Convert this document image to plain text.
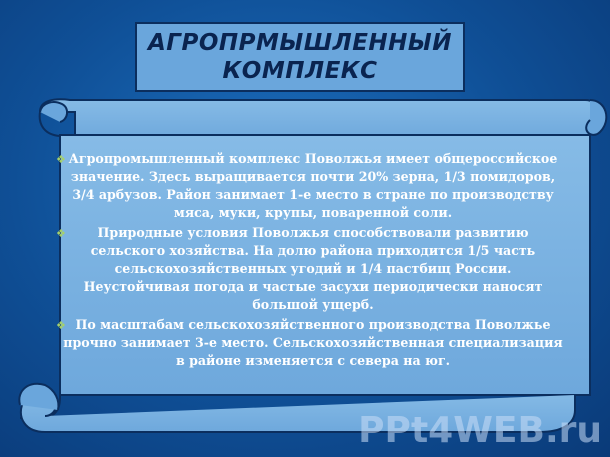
АГРОПРМЫШЛЕННЫЙ
КОМПЛЕКС
❖ Агропромышленный комплекс Поволжья имеет общероссийское значение. Здесь выращивается почти 20% зерна, 1/3 помидоров, 3/4 арбузов. Район занимает 1-е место в стране по производству мяса, муки, крупы, поваренной соли.
❖	Природные условия Поволжья способствовали развитию сельского хозяйства. На долю района приходится 1/5 часть сельскохозяйственных угодий и 1/4 пастбищ России. Неустойчивая погода и частые засухи периодически наносят большой ущерб.
❖ По масштабам сельскохозяйственного производства Поволжье прочно занимает 3-е место. Сельскохозяйственная специализация в районе изменяется с севера на юг.
PPt4WEB.ru
